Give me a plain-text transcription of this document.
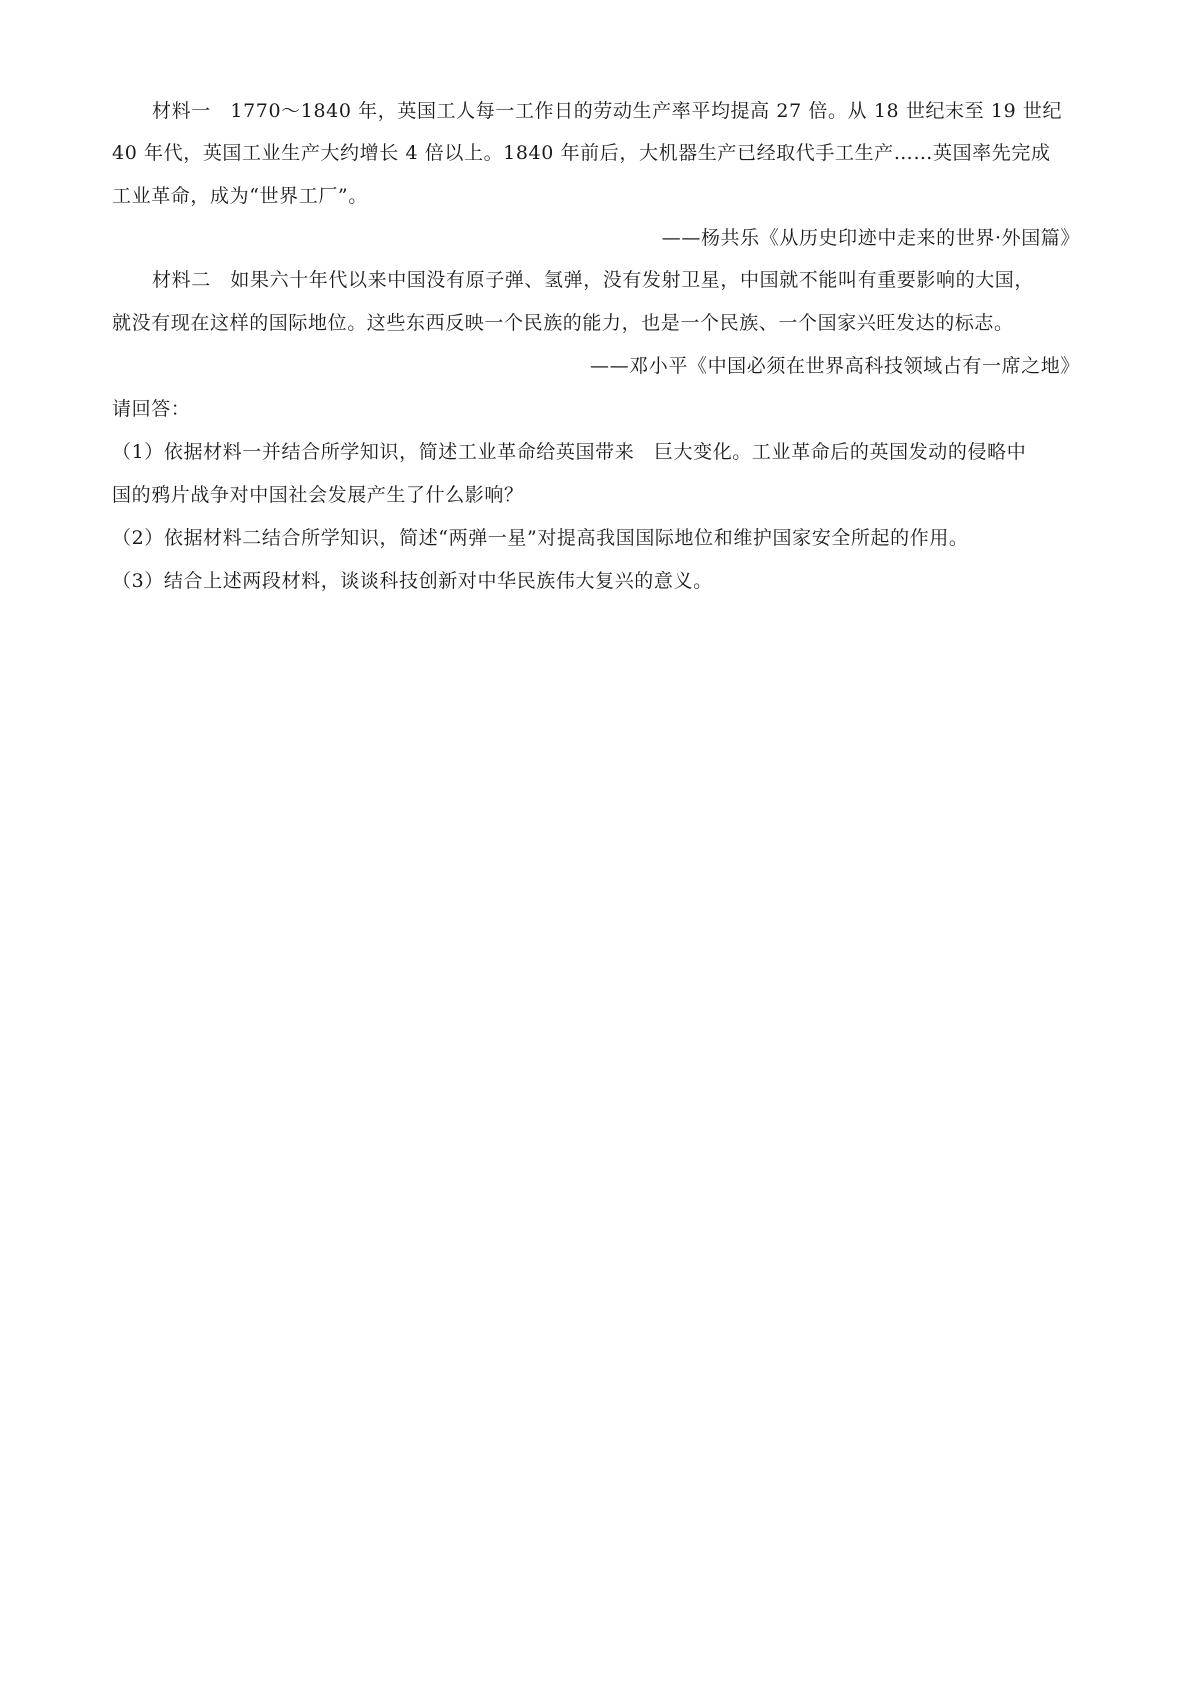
材料一　1770～1840 年，英国工人每一工作日的劳动生产率平均提高 27 倍。从 18 世纪末至 19 世纪
40 年代，英国工业生产大约增长 4 倍以上。1840 年前后，大机器生产已经取代手工生产……英国率先完成
工业革命，成为“世界工厂”。
——杨共乐《从历史印迹中走来的世界·外国篇》
材料二　如果六十年代以来中国没有原子弹、氢弹，没有发射卫星，中国就不能叫有重要影响的大国，
就没有现在这样的国际地位。这些东西反映一个民族的能力，也是一个民族、一个国家兴旺发达的标志。
——邓小平《中国必须在世界高科技领域占有一席之地》
请回答：
（1）依据材料一并结合所学知识，简述工业革命给英国带来　巨大变化。工业革命后的英国发动的侵略中
国的鸦片战争对中国社会发展产生了什么影响？
（2）依据材料二结合所学知识，简述“两弹一星”对提高我国国际地位和维护国家安全所起的作用。
（3）结合上述两段材料，谈谈科技创新对中华民族伟大复兴的意义。
